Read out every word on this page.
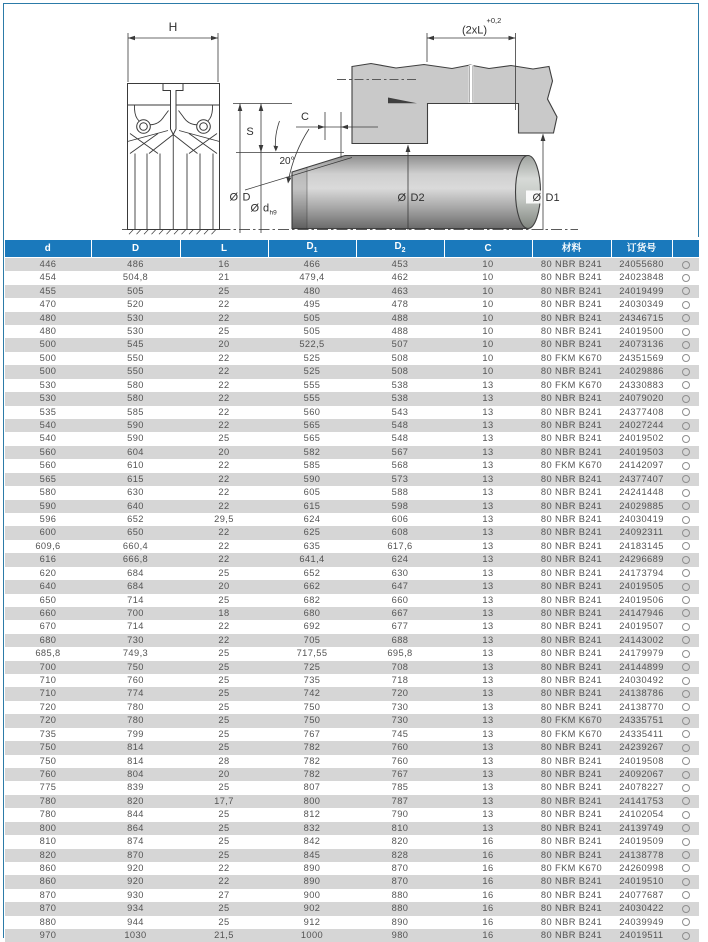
H
S
C
20°
Ø D
Ø d h9
(2xL)
+0,2
Ø D2	D1
Ø
d	D	L	$D_1$	$D_2$	C	材料	订货号	
446	486	16	466	453	10	80 NBR B241	24055680	
454	504,8	21	479,4	462	10	80 NBR B241	24023848	
455	505	25	480	463	10	80 NBR B241	24019499	
470	520	22	495	478	10	80 NBR B241	24030349	
480	530	22	505	488	10	80 NBR B241	24346715	
480	530	25	505	488	10	80 NBR B241	24019500	
500	545	20	522,5	507	10	80 NBR B241	24073136	
500	550	22	525	508	10	80 FKM K670	24351569	
500	550	22	525	508	10	80 NBR B241	24029886	
530	580	22	555	538	13	80 FKM K670	24330883	
530	580	22	555	538	13	80 NBR B241	24079020	
535	585	22	560	543	13	80 NBR B241	24377408	
540	590	22	565	548	13	80 NBR B241	24027244	
540	590	25	565	548	13	80 NBR B241	24019502	
560	604	20	582	567	13	80 NBR B241	24019503	
560	610	22	585	568	13	80 FKM K670	24142097	
565	615	22	590	573	13	80 NBR B241	24377407	
580	630	22	605	588	13	80 NBR B241	24241448	
590	640	22	615	598	13	80 NBR B241	24029885	
596	652	29,5	624	606	13	80 NBR B241	24030419	
600	650	22	625	608	13	80 NBR B241	24092311	
609,6	660,4	22	635	617,6	13	80 NBR B241	24183145	
616	666,8	22	641,4	624	13	80 NBR B241	24296689	
620	684	25	652	630	13	80 NBR B241	24173794	
640	684	20	662	647	13	80 NBR B241	24019505	
650	714	25	682	660	13	80 NBR B241	24019506	
660	700	18	680	667	13	80 NBR B241	24147946	
670	714	22	692	677	13	80 NBR B241	24019507	
680	730	22	705	688	13	80 NBR B241	24143002	
685,8	749,3	25	717,55	695,8	13	80 NBR B241	24179979	
700	750	25	725	708	13	80 NBR B241	24144899	
710	760	25	735	718	13	80 NBR B241	24030492	
710	774	25	742	720	13	80 NBR B241	24138786	
720	780	25	750	730	13	80 NBR B241	24138770	
720	780	25	750	730	13	80 FKM K670	24335751	
735	799	25	767	745	13	80 FKM K670	24335411	
750	814	25	782	760	13	80 NBR B241	24239267	
750	814	28	782	760	13	80 NBR B241	24019508	
760	804	20	782	767	13	80 NBR B241	24092067	
775	839	25	807	785	13	80 NBR B241	24078227	
780	820	17,7	800	787	13	80 NBR B241	24141753	
780	844	25	812	790	13	80 NBR B241	24102054	
800	864	25	832	810	13	80 NBR B241	24139749	
810	874	25	842	820	16	80 NBR B241	24019509	
820	870	25	845	828	16	80 NBR B241	24138778	
860	920	22	890	870	16	80 FKM K670	24260998	
860	920	22	890	870	16	80 NBR B241	24019510	
870	930	27	900	880	16	80 NBR B241	24077687	
870	934	25	902	880	16	80 NBR B241	24030422	
880	944	25	912	890	16	80 NBR B241	24039949	
970	1030	21,5	1000	980	16	80 NBR B241	24019511	
